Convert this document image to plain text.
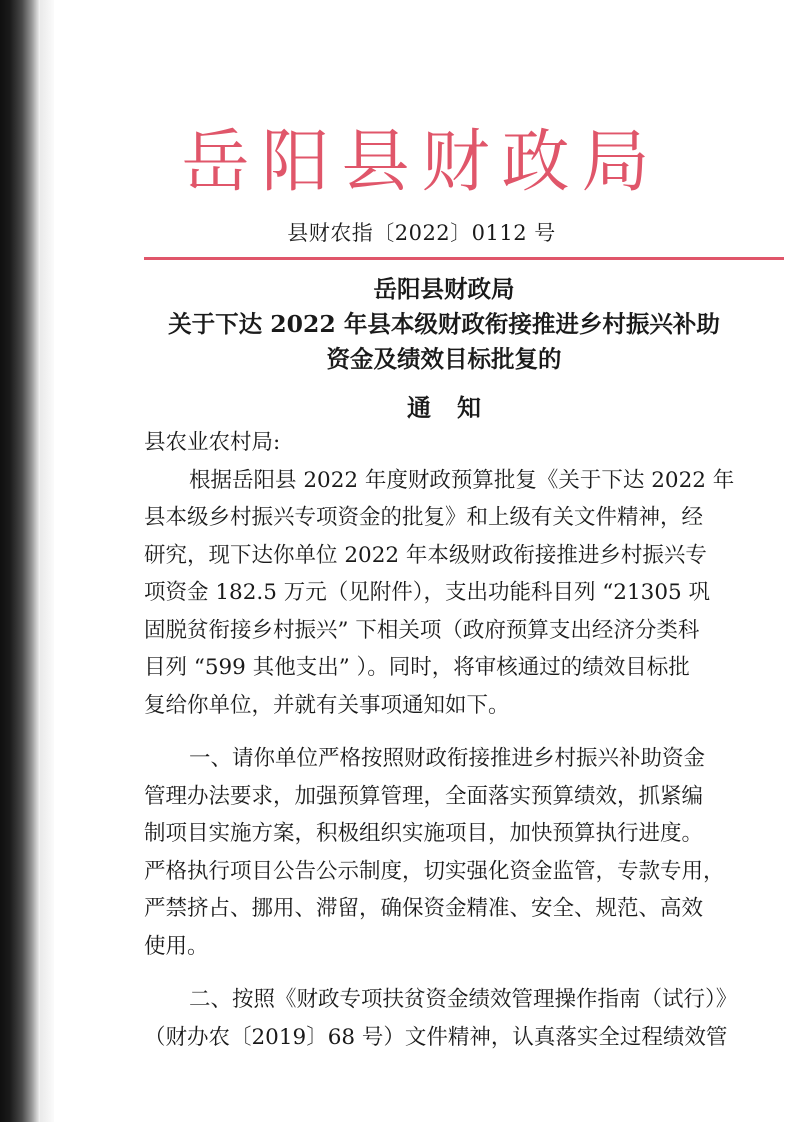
岳阳县财政局
县财农指〔2022〕0112 号
岳阳县财政局
关于下达 2022 年县本级财政衔接推进乡村振兴补助
资金及绩效目标批复的
通知

县农业农村局:

根据岳阳县 2022 年度财政预算批复《关于下达 2022 年

县本级乡村振兴专项资金的批复》和上级有关文件精神，经

研究，现下达你单位 2022 年本级财政衔接推进乡村振兴专

项资金 182.5 万元（见附件），支出功能科目列 “21305 巩

固脱贫衔接乡村振兴” 下相关项（政府预算支出经济分类科

目列 “599 其他支出” ）。同时，将审核通过的绩效目标批

复给你单位，并就有关事项通知如下。

一、请你单位严格按照财政衔接推进乡村振兴补助资金

管理办法要求，加强预算管理，全面落实预算绩效，抓紧编

制项目实施方案，积极组织实施项目，加快预算执行进度。

严格执行项目公告公示制度，切实强化资金监管，专款专用，

严禁挤占、挪用、滞留，确保资金精准、安全、规范、高效

使用。

二、按照《财政专项扶贫资金绩效管理操作指南（试行）》

（财办农〔2019〕68 号）文件精神，认真落实全过程绩效管
